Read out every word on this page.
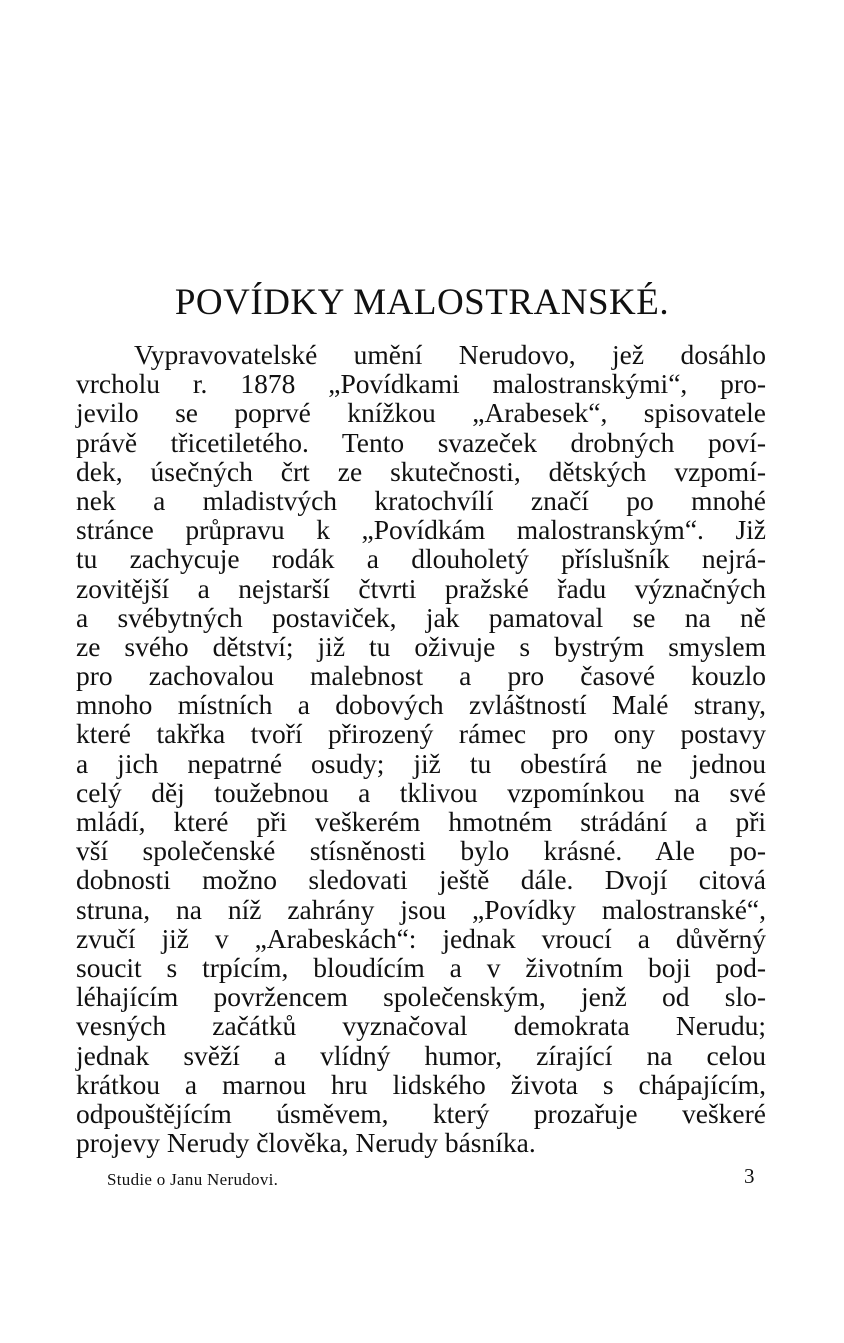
POVÍDKY MALOSTRANSKÉ.
Vypravovatelské umění Nerudovo, jež dosáhlo
vrcholu r. 1878 „Povídkami malostranskými“, pro-
jevilo se poprvé knížkou „Arabesek“, spisovatele
právě třicetiletého. Tento svazeček drobných poví-
dek, úsečných črt ze skutečnosti, dětských vzpomí-
nek a mladistvých kratochvílí značí po mnohé
stránce průpravu k „Povídkám malostranským“. Již
tu zachycuje rodák a dlouholetý příslušník nejrá-
zovitější a nejstarší čtvrti pražské řadu význačných
a svébytných postaviček, jak pamatoval se na ně
ze svého dětství; již tu oživuje s bystrým smyslem
pro zachovalou malebnost a pro časové kouzlo
mnoho místních a dobových zvláštností Malé strany,
které takřka tvoří přirozený rámec pro ony postavy
a jich nepatrné osudy; již tu obestírá ne jednou
celý děj toužebnou a tklivou vzpomínkou na své
mládí, které při veškerém hmotném strádání a při
vší společenské stísněnosti bylo krásné. Ale po-
dobnosti možno sledovati ještě dále. Dvojí citová
struna, na níž zahrány jsou „Povídky malostranské“,
zvučí již v „Arabeskách“: jednak vroucí a důvěrný
soucit s trpícím, bloudícím a v životním boji pod-
léhajícím povržencem společenským, jenž od slo-
vesných začátků vyznačoval demokrata Nerudu;
jednak svěží a vlídný humor, zírající na celou
krátkou a marnou hru lidského života s chápajícím,
odpouštějícím úsměvem, který prozařuje veškeré
projevy Nerudy člověka, Nerudy básníka.

Studie o Janu Nerudovi.	3
